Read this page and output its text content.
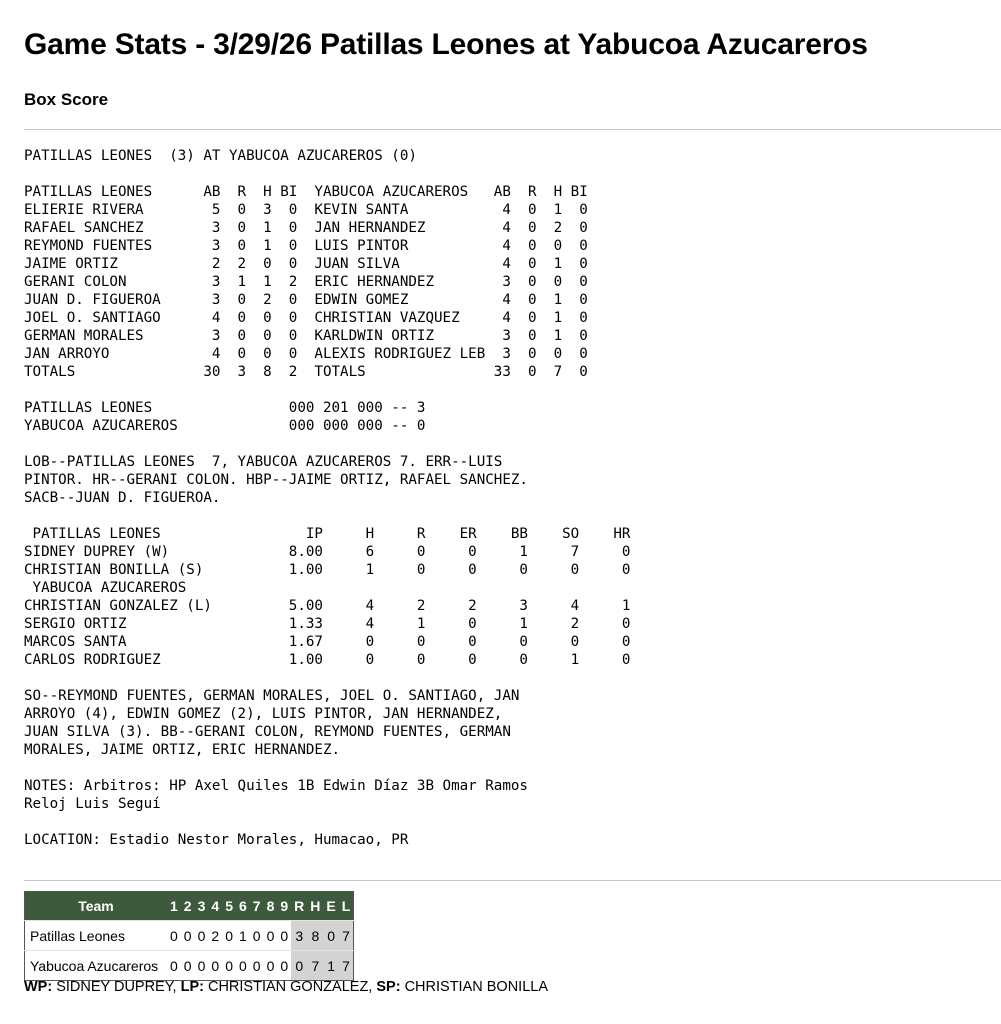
Game Stats - 3/29/26 Patillas Leones at Yabucoa Azucareros
Box Score
PATILLAS LEONES  (3) AT YABUCOA AZUCAREROS (0)

PATILLAS LEONES      AB  R  H BI  YABUCOA AZUCAREROS   AB  R  H BI
ELIERIE RIVERA        5  0  3  0  KEVIN SANTA           4  0  1  0
RAFAEL SANCHEZ        3  0  1  0  JAN HERNANDEZ         4  0  2  0
REYMOND FUENTES       3  0  1  0  LUIS PINTOR           4  0  0  0
JAIME ORTIZ           2  2  0  0  JUAN SILVA            4  0  1  0
GERANI COLON          3  1  1  2  ERIC HERNANDEZ        3  0  0  0
JUAN D. FIGUEROA      3  0  2  0  EDWIN GOMEZ           4  0  1  0
JOEL O. SANTIAGO      4  0  0  0  CHRISTIAN VAZQUEZ     4  0  1  0
GERMAN MORALES        3  0  0  0  KARLDWIN ORTIZ        3  0  1  0
JAN ARROYO            4  0  0  0  ALEXIS RODRIGUEZ LEB  3  0  0  0
TOTALS               30  3  8  2  TOTALS               33  0  7  0

PATILLAS LEONES                000 201 000 -- 3
YABUCOA AZUCAREROS             000 000 000 -- 0

LOB--PATILLAS LEONES  7, YABUCOA AZUCAREROS 7. ERR--LUIS
PINTOR. HR--GERANI COLON. HBP--JAIME ORTIZ, RAFAEL SANCHEZ.
SACB--JUAN D. FIGUEROA.

PATILLAS LEONES                 IP     H     R    ER    BB    SO    HR
SIDNEY DUPREY (W)              8.00     6     0     0     1     7     0
CHRISTIAN BONILLA (S)          1.00     1     0     0     0     0     0
YABUCOA AZUCAREROS
CHRISTIAN GONZALEZ (L)         5.00     4     2     2     3     4     1
SERGIO ORTIZ                   1.33     4     1     0     1     2     0
MARCOS SANTA                   1.67     0     0     0     0     0     0
CARLOS RODRIGUEZ               1.00     0     0     0     0     1     0

SO--REYMOND FUENTES, GERMAN MORALES, JOEL O. SANTIAGO, JAN
ARROYO (4), EDWIN GOMEZ (2), LUIS PINTOR, JAN HERNANDEZ,
JUAN SILVA (3). BB--GERANI COLON, REYMOND FUENTES, GERMAN
MORALES, JAIME ORTIZ, ERIC HERNANDEZ.

NOTES: Arbitros: HP Axel Quiles 1B Edwin Díaz 3B Omar Ramos
Reloj Luis Seguí

LOCATION: Estadio Nestor Morales, Humacao, PR
Team	1	2	3	4	5	6	7	8	9	R	H	E	L
Patillas Leones	0	0	0	2	0	1	0	0	0	3	8	0	7
Yabucoa Azucareros	0	0	0	0	0	0	0	0	0	0	7	1	7
WP: SIDNEY DUPREY, LP: CHRISTIAN GONZALEZ, SP: CHRISTIAN BONILLA
